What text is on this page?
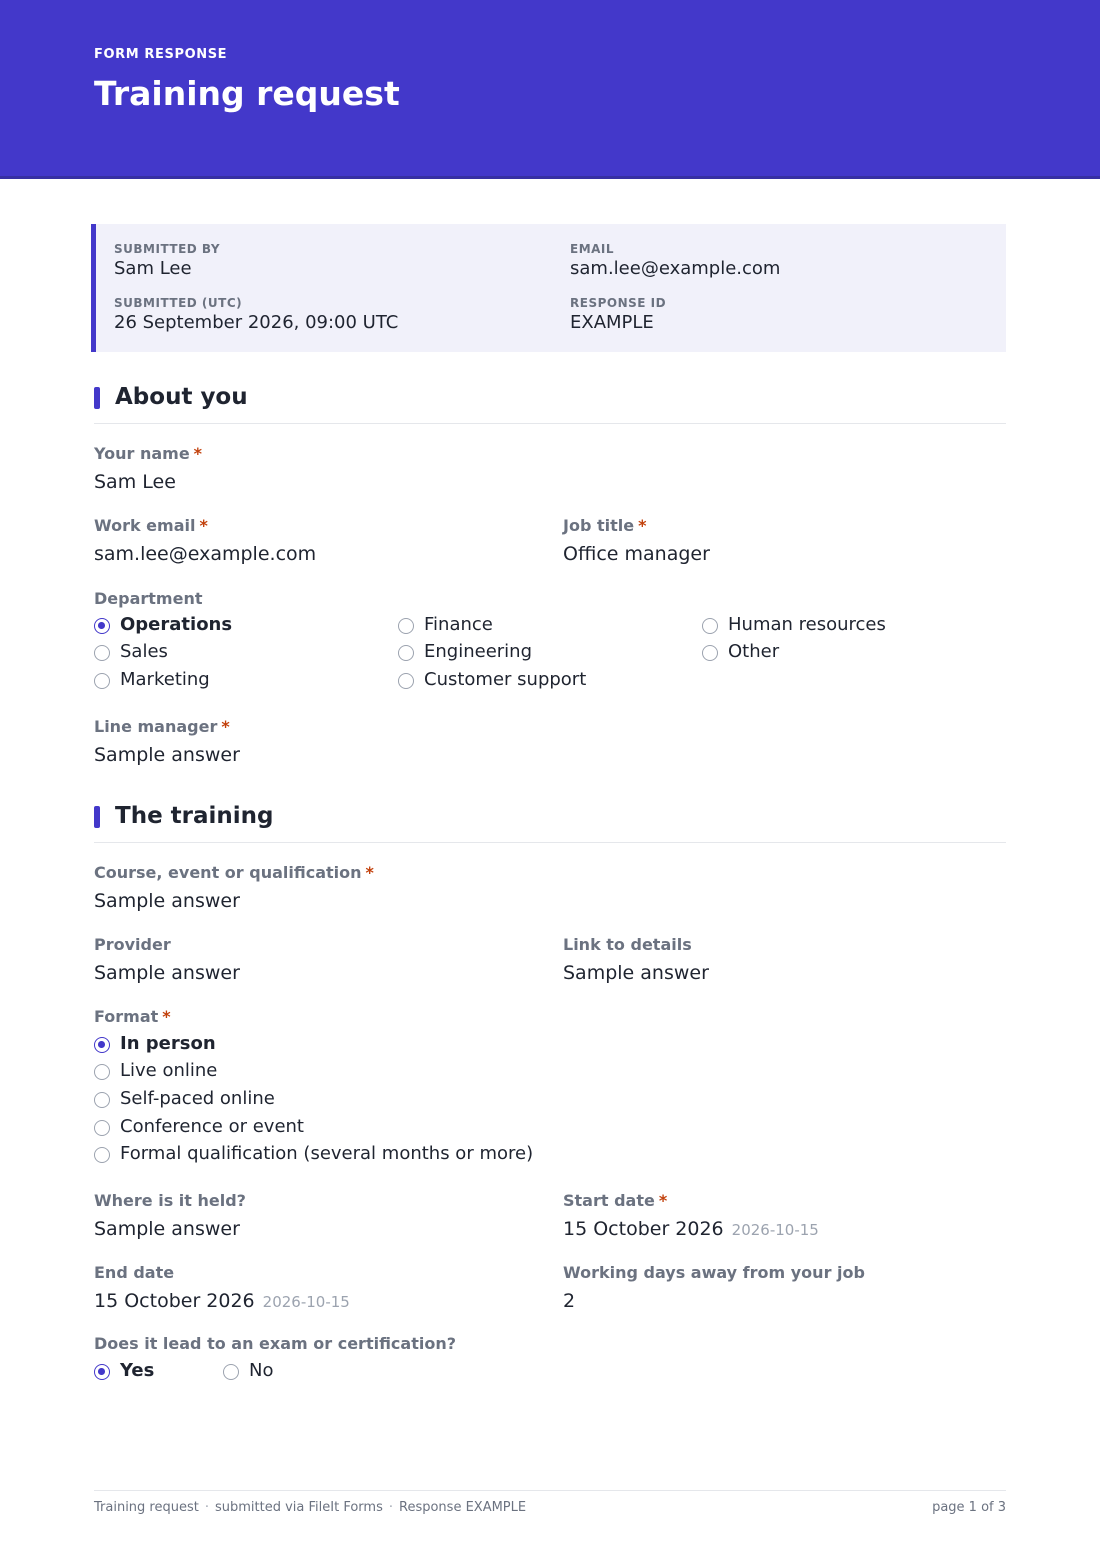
FORM RESPONSE
Training request
SUBMITTED BY
Sam Lee
EMAIL
sam.lee@example.com
SUBMITTED (UTC)
26 September 2026, 09:00 UTC
RESPONSE ID
EXAMPLE
About you
Your name *
Sam Lee
Work email *
sam.lee@example.com
Job title *
Office manager
Department
Operations
Sales
Marketing
Finance
Engineering
Customer support
Human resources
Other
Line manager *
Sample answer
The training
Course, event or qualification *
Sample answer
Provider
Sample answer
Link to details
Sample answer
Format *
In person
Live online
Self-paced online
Conference or event
Formal qualification (several months or more)
Where is it held?
Sample answer
Start date *
15 October 2026 2026-10-15
End date
15 October 2026 2026-10-15
Working days away from your job
2
Does it lead to an exam or certification?
Yes	No
Training request · submitted via FileIt Forms · Response EXAMPLE	page 1 of 3
